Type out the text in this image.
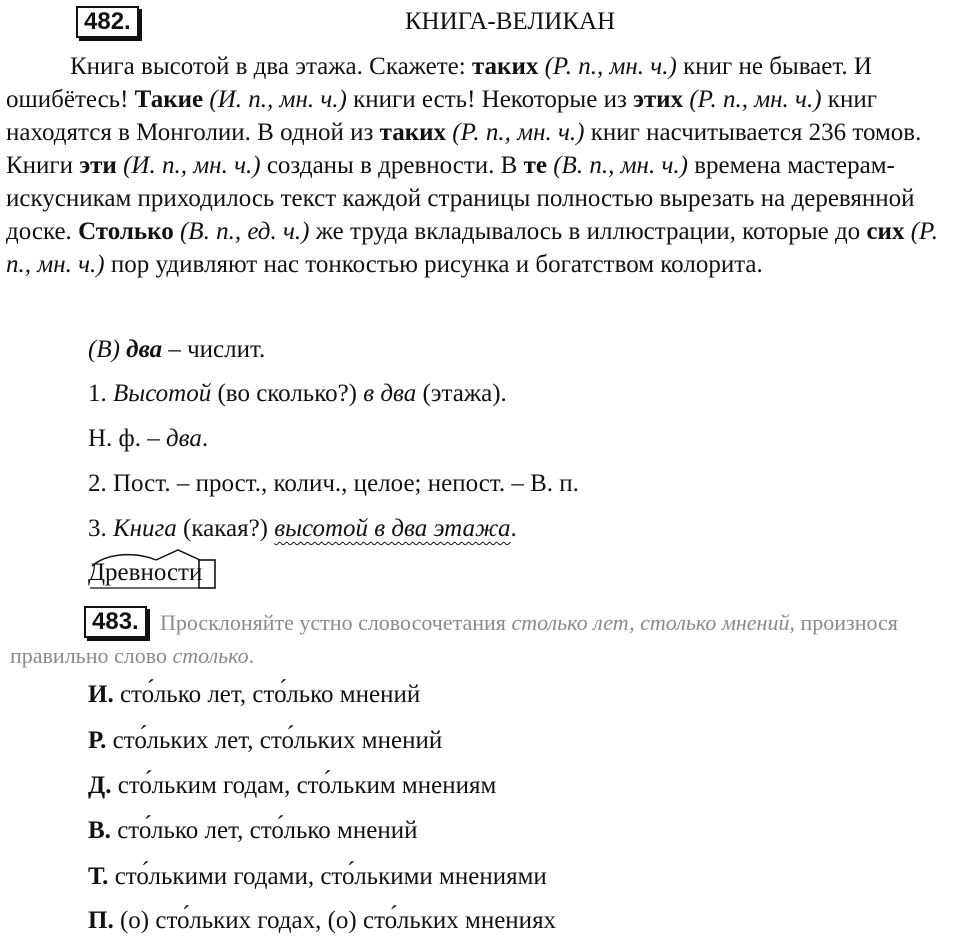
482.	КНИГА-ВЕЛИКАН

Книга высотой в два этажа. Скажете: таких (Р. п., мн. ч.) книг не бывает. И ошибётесь! Такие (И. п., мн. ч.) книги есть! Некоторые из этих (Р. п., мн. ч.) книг находятся в Монголии. В одной из таких (Р. п., мн. ч.) книг насчитывается 236 томов. Книги эти (И. п., мн. ч.) созданы в древности. В те (В. п., мн. ч.) времена мастерам-искусникам приходилось текст каждой страницы полностью вырезать на деревянной доске. Столько (В. п., ед. ч.) же труда вкладывалось в иллюстрации, которые до сих (Р. п., мн. ч.) пор удивляют нас тонкостью рисунка и богатством колорита.

(В) два – числит.

1. Высотой (во сколько?) в два (этажа).

Н. ф. – два.

2. Пост. – прост., колич., целое; непост. – В. п.

3. Книга (какая?) высотой в два этажа.

Древности
483. Просклоняйте устно словосочетания столько лет, столько мнений, произнося правильно слово столько.

И. сто́лько лет, сто́лько мнений

Р. сто́льких лет, сто́льких мнений

Д. сто́льким годам, сто́льким мнениям

В. сто́лько лет, сто́лько мнений

Т. сто́лькими годами, сто́лькими мнениями

П. (о) сто́льких годах, (о) сто́льких мнениях
